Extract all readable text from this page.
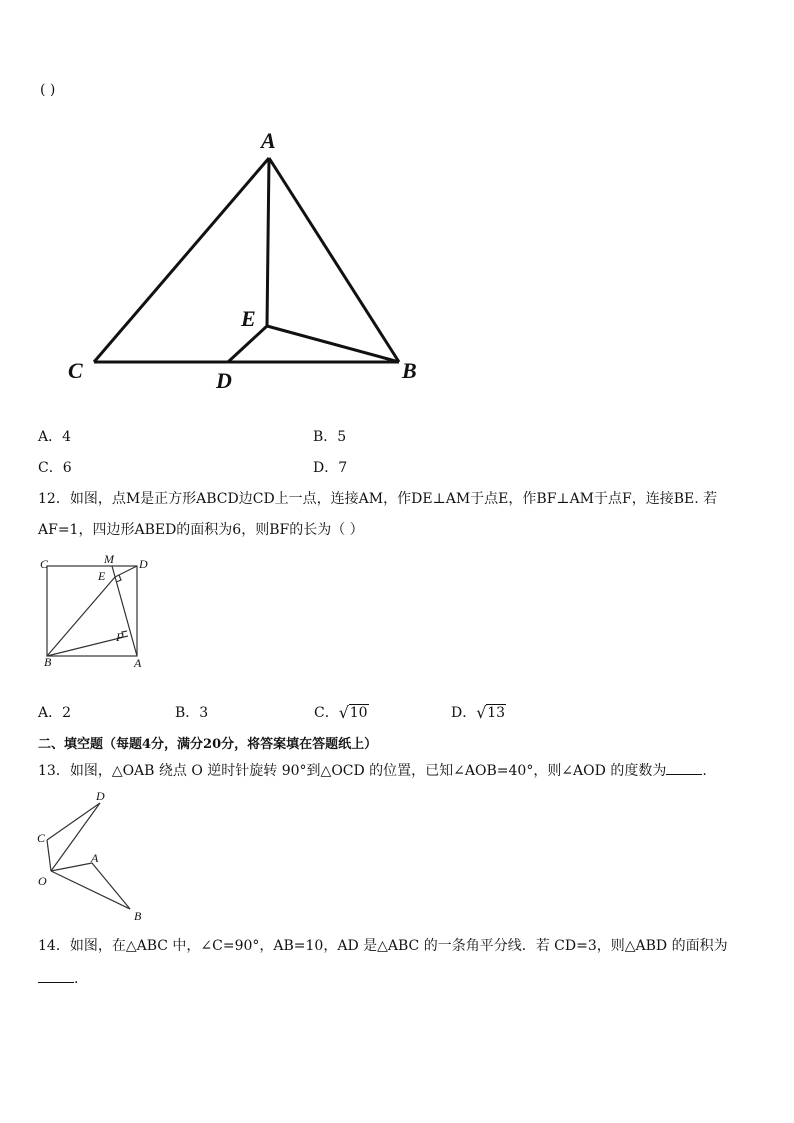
( )
A
E
C	D	B
A．4	B．5
C．6	D．7
12．如图，点M是正方形ABCD边CD上一点，连接AM，作DE⊥AM于点E，作BF⊥AM于点F，连接BE. 若
AF=1，四边形ABED的面积为6，则BF的长为（ ）
C	M D
E
F
B	A
A．2	B．3	C． √ 10	D． √ 13
二、填空题（每题4分，满分20分，将答案填在答题纸上）
13．如图，△OAB 绕点 O 逆时针旋转 90°到△OCD 的位置，已知∠AOB=40°，则∠AOD 的度数为	.
D
C
A
O
B
14．如图，在△ABC 中，∠C=90°，AB=10，AD 是△ABC 的一条角平分线．若 CD=3，则△ABD 的面积为
.
